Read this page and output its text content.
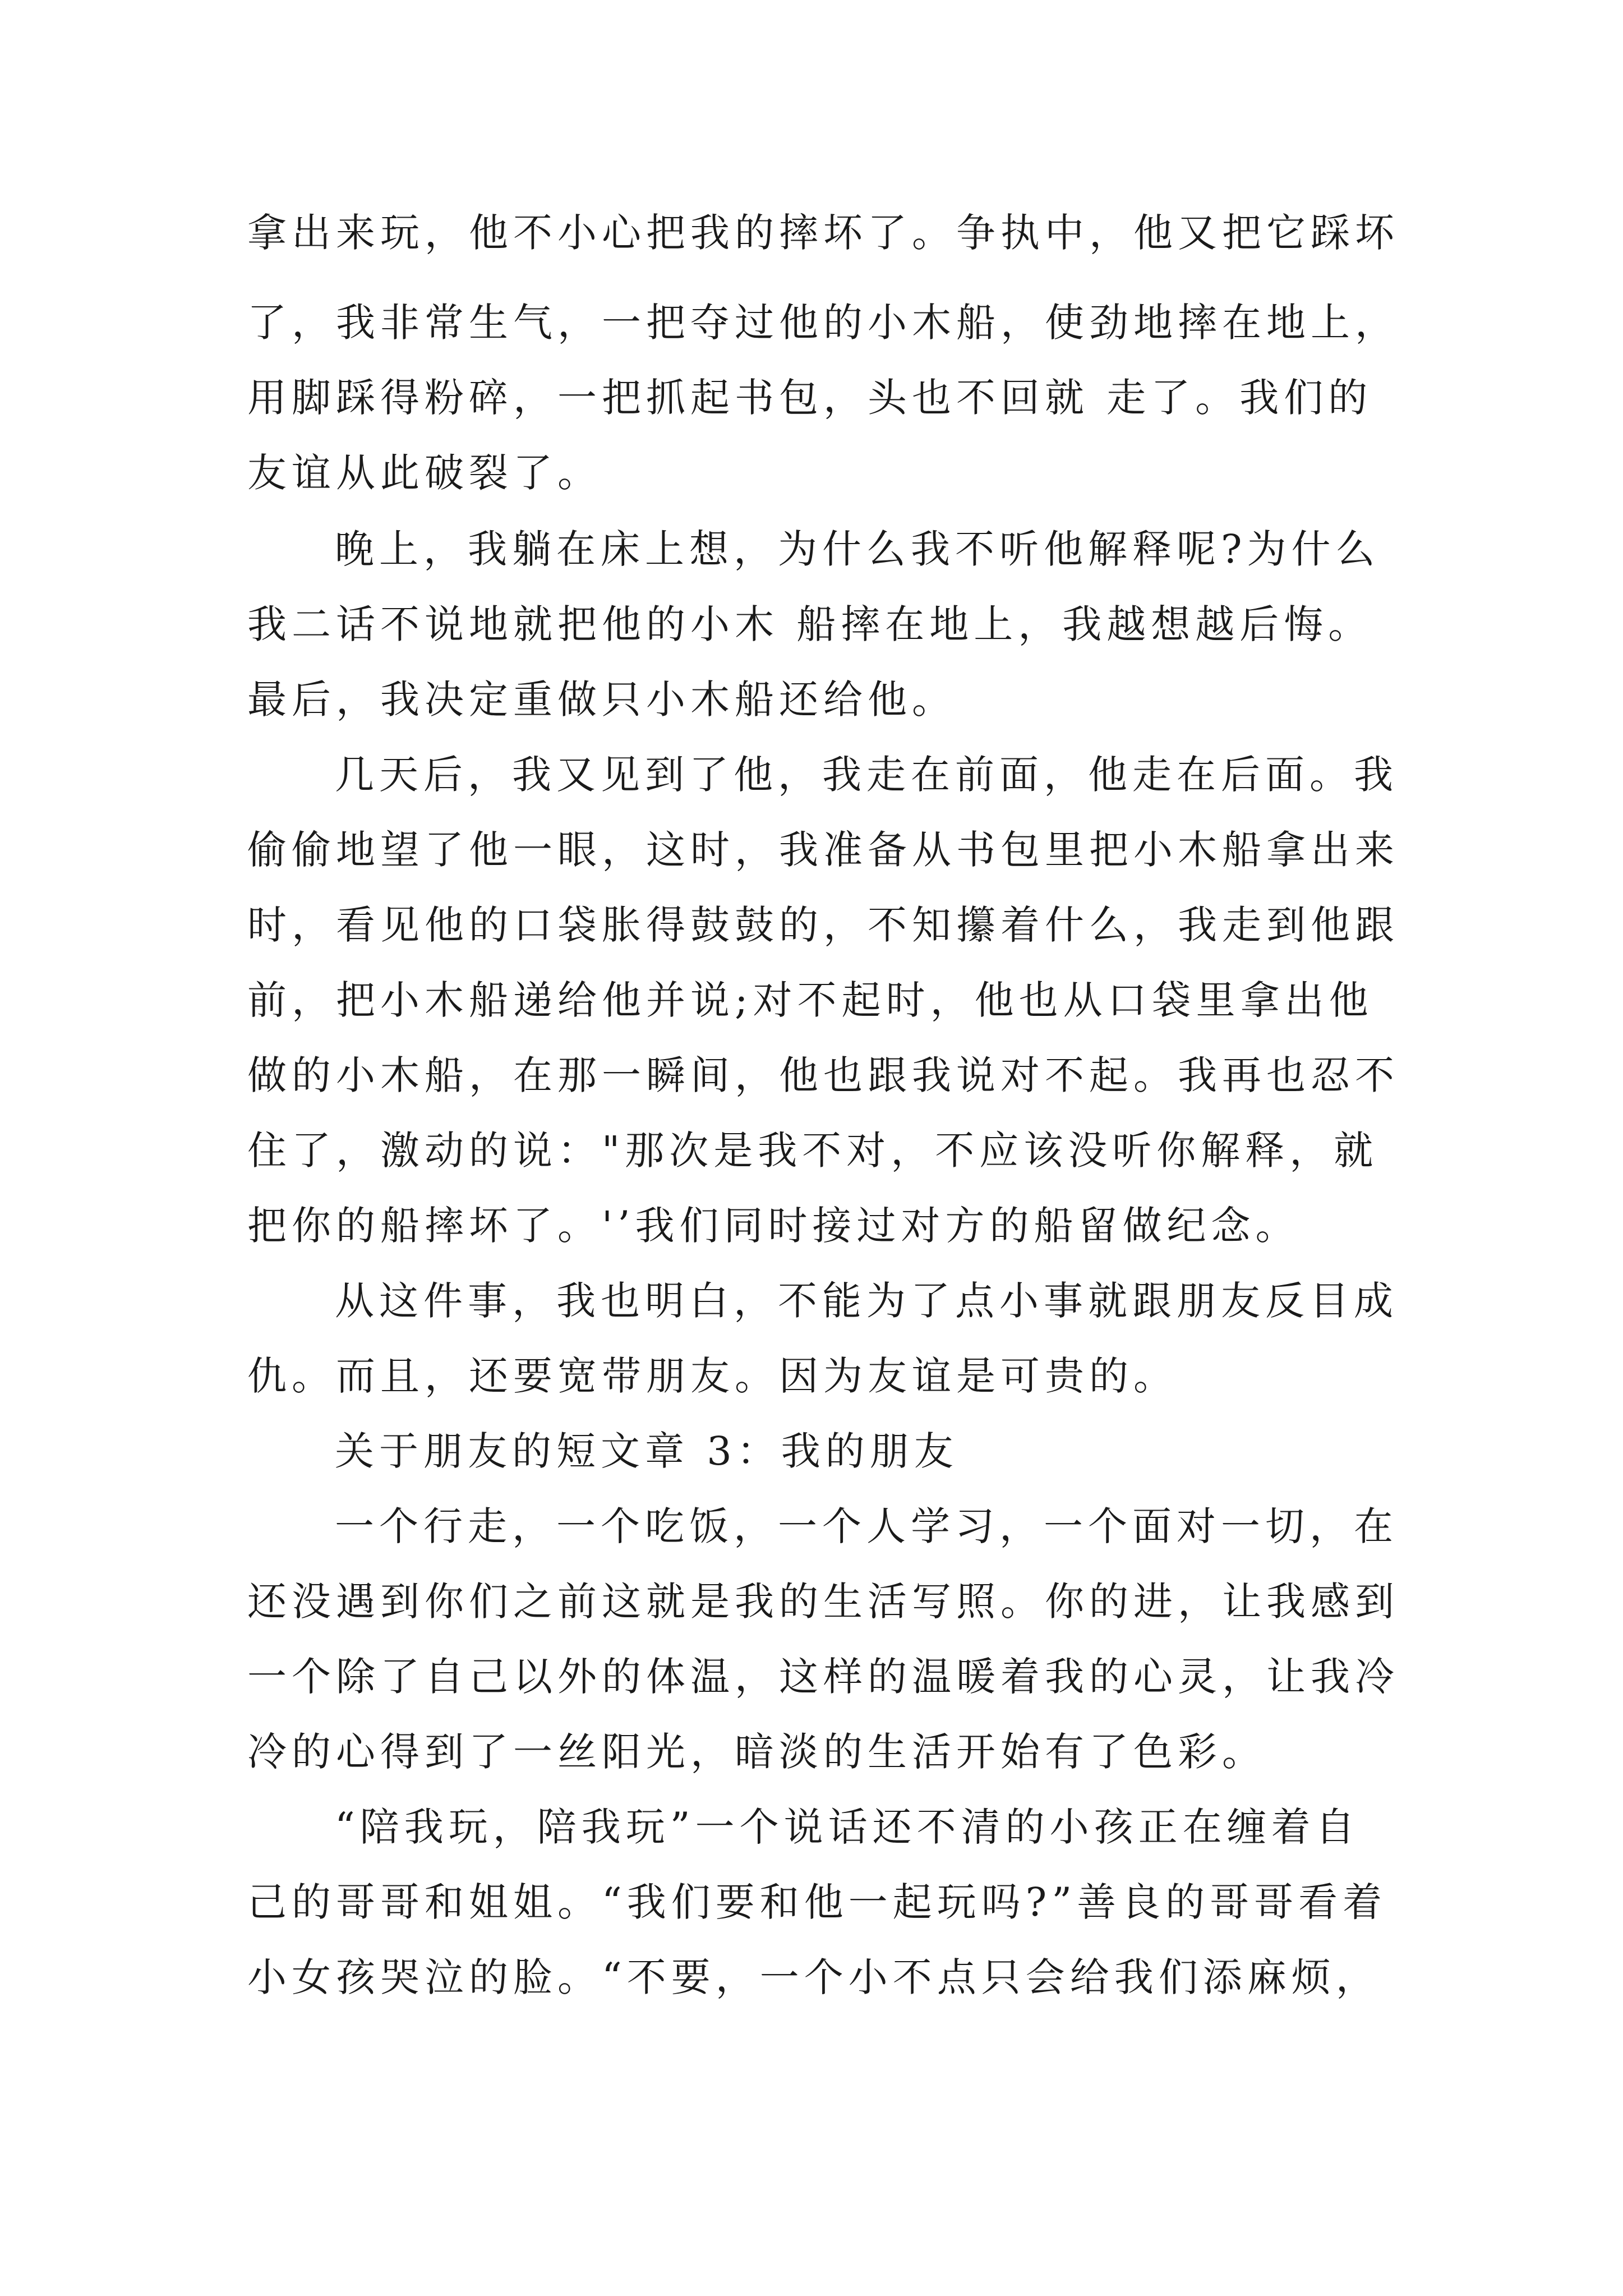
拿出来玩，他不小心把我的摔坏了。争执中，他又把它踩坏

了，我非常生气，一把夺过他的小木船，使劲地摔在地上，

用脚踩得粉碎，一把抓起书包，头也不回就 走了。我们的

友谊从此破裂了。

晚上，我躺在床上想，为什么我不听他解释呢?为什么

我二话不说地就把他的小木 船摔在地上，我越想越后悔。

最后，我决定重做只小木船还给他。

几天后，我又见到了他，我走在前面，他走在后面。我

偷偷地望了他一眼，这时，我准备从书包里把小木船拿出来

时，看见他的口袋胀得鼓鼓的，不知攥着什么，我走到他跟

前，把小木船递给他并说;对不起时，他也从口袋里拿出他

做的小木船，在那一瞬间，他也跟我说对不起。我再也忍不

住了，激动的说："那次是我不对，不应该没听你解释，就

把你的船摔坏了。'’我们同时接过对方的船留做纪念。

从这件事，我也明白，不能为了点小事就跟朋友反目成

仇。而且，还要宽带朋友。因为友谊是可贵的。

关于朋友的短文章 3：我的朋友

一个行走，一个吃饭，一个人学习，一个面对一切，在

还没遇到你们之前这就是我的生活写照。你的进，让我感到

一个除了自己以外的体温，这样的温暖着我的心灵，让我冷

冷的心得到了一丝阳光，暗淡的生活开始有了色彩。

“陪我玩，陪我玩”一个说话还不清的小孩正在缠着自

己的哥哥和姐姐。“我们要和他一起玩吗?”善良的哥哥看着

小女孩哭泣的脸。“不要，一个小不点只会给我们添麻烦，
